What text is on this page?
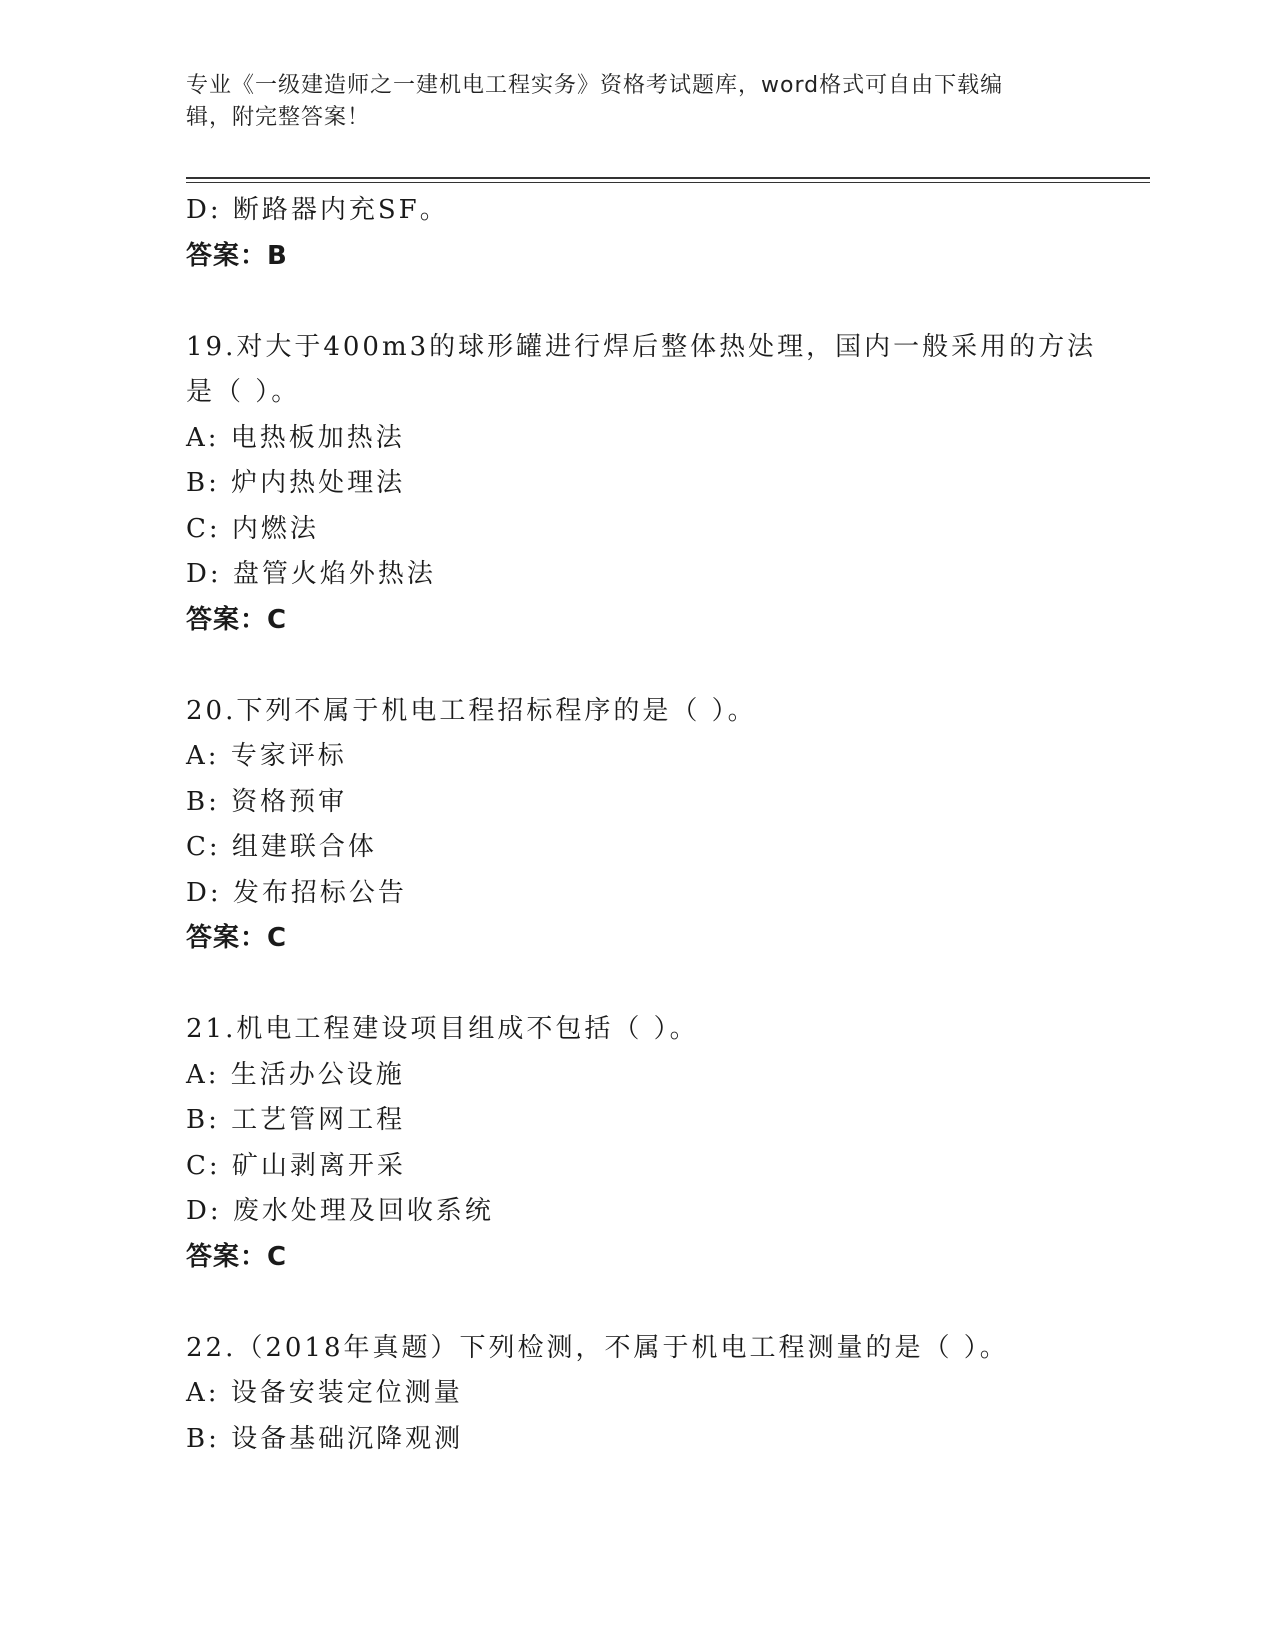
专业《一级建造师之一建机电工程实务》资格考试题库，word格式可自由下载编
辑，附完整答案！
D: 断路器内充SF。
答案：B
19.对大于400m3的球形罐进行焊后整体热处理，国内一般采用的方法
是（ ）。
A: 电热板加热法
B: 炉内热处理法
C: 内燃法
D: 盘管火焰外热法
答案：C
20.下列不属于机电工程招标程序的是（ ）。
A: 专家评标
B: 资格预审
C: 组建联合体
D: 发布招标公告
答案：C
21.机电工程建设项目组成不包括（ ）。
A: 生活办公设施
B: 工艺管网工程
C: 矿山剥离开采
D: 废水处理及回收系统
答案：C
22.（2018年真题）下列检测，不属于机电工程测量的是（ ）。
A: 设备安装定位测量
B: 设备基础沉降观测
